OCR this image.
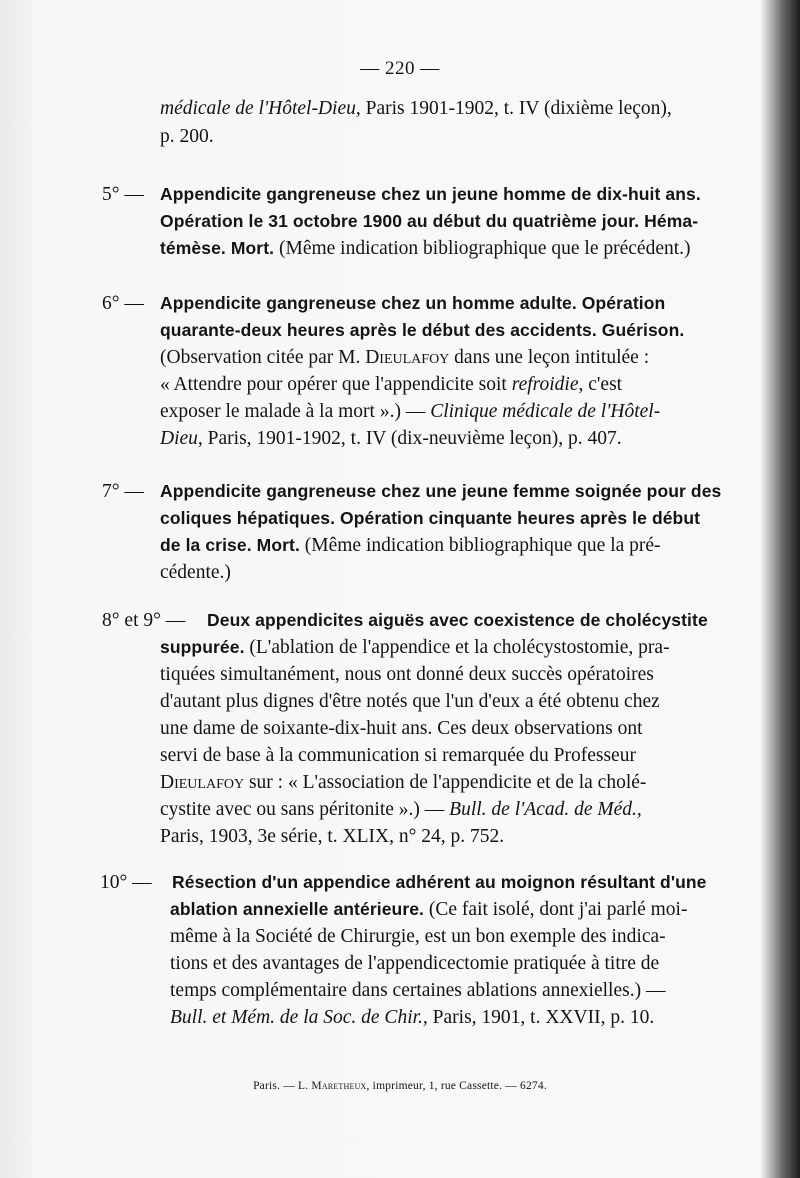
— 220 —
médicale de l'Hôtel-Dieu, Paris 1901-1902, t. IV (dixième leçon),
p. 200.
5° — Appendicite gangreneuse chez un jeune homme de dix-huit ans.
Opération le 31 octobre 1900 au début du quatrième jour. Héma-
témèse. Mort. (Même indication bibliographique que le précédent.)
6° — Appendicite gangreneuse chez un homme adulte. Opération
quarante-deux heures après le début des accidents. Guérison.
(Observation citée par M. Dieulafoy dans une leçon intitulée :
« Attendre pour opérer que l'appendicite soit refroidie, c'est
exposer le malade à la mort ».) — Clinique médicale de l'Hôtel-
Dieu, Paris, 1901-1902, t. IV (dix-neuvième leçon), p. 407.
7° — Appendicite gangreneuse chez une jeune femme soignée pour des
coliques hépatiques. Opération cinquante heures après le début
de la crise. Mort. (Même indication bibliographique que la pré-
cédente.)
8° et 9° — Deux appendicites aiguës avec coexistence de cholécystite
suppurée. (L'ablation de l'appendice et la cholécystostomie, pra-
tiquées simultanément, nous ont donné deux succès opératoires
d'autant plus dignes d'être notés que l'un d'eux a été obtenu chez
une dame de soixante-dix-huit ans. Ces deux observations ont
servi de base à la communication si remarquée du Professeur
Dieulafoy sur : « L'association de l'appendicite et de la cholé-
cystite avec ou sans péritonite ».) — Bull. de l'Acad. de Méd.,
Paris, 1903, 3e série, t. XLIX, n° 24, p. 752.
10° — Résection d'un appendice adhérent au moignon résultant d'une
ablation annexielle antérieure. (Ce fait isolé, dont j'ai parlé moi-
même à la Société de Chirurgie, est un bon exemple des indica-
tions et des avantages de l'appendicectomie pratiquée à titre de
temps complémentaire dans certaines ablations annexielles.) —
Bull. et Mém. de la Soc. de Chir., Paris, 1901, t. XXVII, p. 10.
Paris. — L. Maretheux, imprimeur, 1, rue Cassette. — 6274.
